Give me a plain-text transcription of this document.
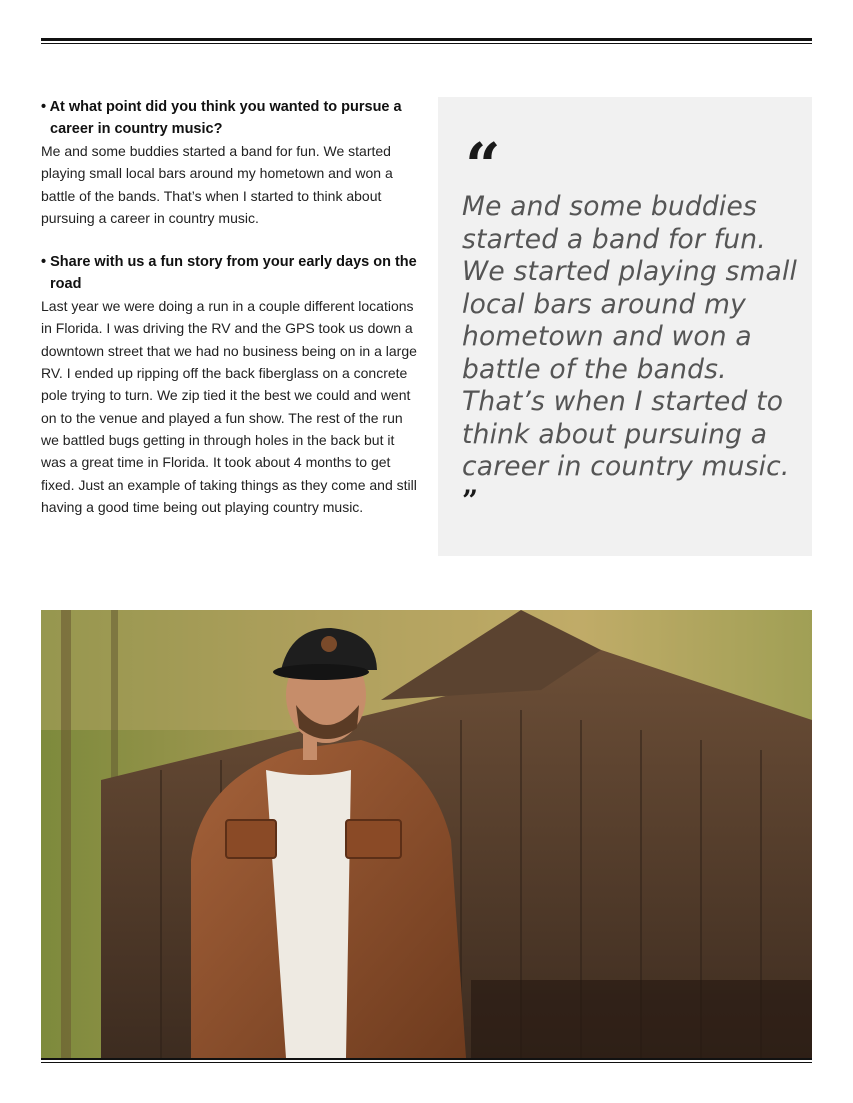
• At what point did you think you wanted to pursue a career in country music?

Me and some buddies started a band for fun. We started playing small local bars around my hometown and won a battle of the bands. That’s when I started to think about pursuing a career in country music.

• Share with us a fun story from your early days on the road

Last year we were doing a run in a couple different locations in Florida. I was driving the RV and the GPS took us down a downtown street that we had no business being on in a large RV. I ended up ripping off the back fiberglass on a concrete pole trying to turn. We zip tied it the best we could and went on to the venue and played a fun show. The rest of the run we battled bugs getting in through holes in the back but it was a great time in Florida. It took about 4 months to get fixed. Just an example of taking things as they come and still having a good time being out playing country music.

“
Me and some buddies started a band for fun. We started playing small local bars around my hometown and won a battle of the bands. That’s when I started to think about pursuing a career in country music. ”
